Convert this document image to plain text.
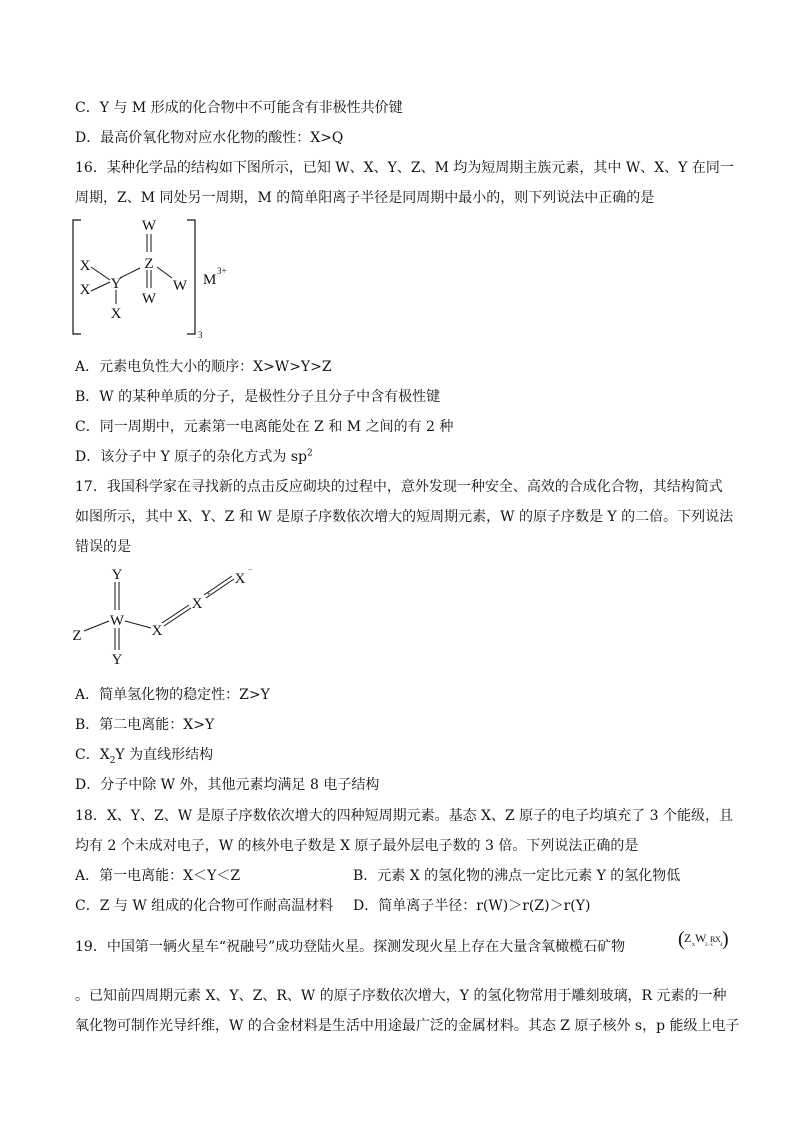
C．Y 与 M 形成的化合物中不可能含有非极性共价键
D．最高价氧化物对应水化物的酸性：X>Q
16．某种化学品的结构如下图所示，已知 W、X、Y、Z、M 均为短周期主族元素，其中 W、X、Y 在同一
周期，Z、M 同处另一周期，M 的简单阳离子半径是同周期中最小的，则下列说法中正确的是
W
X
X Y
Z
W
W
X
3
M
3+
A．元素电负性大小的顺序：X>W>Y>Z
B．W 的某种单质的分子，是极性分子且分子中含有极性键
C．同一周期中，元素第一电离能处在 Z 和 M 之间的有 2 种
D．该分子中 Y 原子的杂化方式为 $sp^2$
17．我国科学家在寻找新的点击反应砌块的过程中，意外发现一种安全、高效的合成化合物，其结构简式
如图所示，其中 X、Y、Z 和 W 是原子序数依次增大的短周期元素，W 的原子序数是 Y 的二倍。下列说法
错误的是
Y
W
Y
Z	X
X
+
X
−
A．简单氢化物的稳定性：Z>Y
B．第二电离能：X>Y
C．$X_2Y$ 为直线形结构
D．分子中除 W 外，其他元素均满足 8 电子结构
18．X、Y、Z、W 是原子序数依次增大的四种短周期元素。基态 X、Z 原子的电子均填充了 3 个能级，且
均有 2 个未成对电子，W 的核外电子数是 X 原子最外层电子数的 3 倍。下列说法正确的是
A．第一电离能：X＜Y＜Z	B．元素 X 的氢化物的沸点一定比元素 Y 的氢化物低
C．Z 与 W 组成的化合物可作耐高温材料 D．简单离子半径：r(W)＞r(Z)＞r(Y)
19．中国第一辆火星车“祝融号”成功登陆火星。探测发现火星上存在大量含氧橄榄石矿物	( Z x W
2−x
R X
4 )
。已知前四周期元素 X、Y、Z、R、W 的原子序数依次增大，Y 的氢化物常用于雕刻玻璃，R 元素的一种
氧化物可制作光导纤维，W 的合金材料是生活中用途最广泛的金属材料。其态 Z 原子核外 s，p 能级上电子
